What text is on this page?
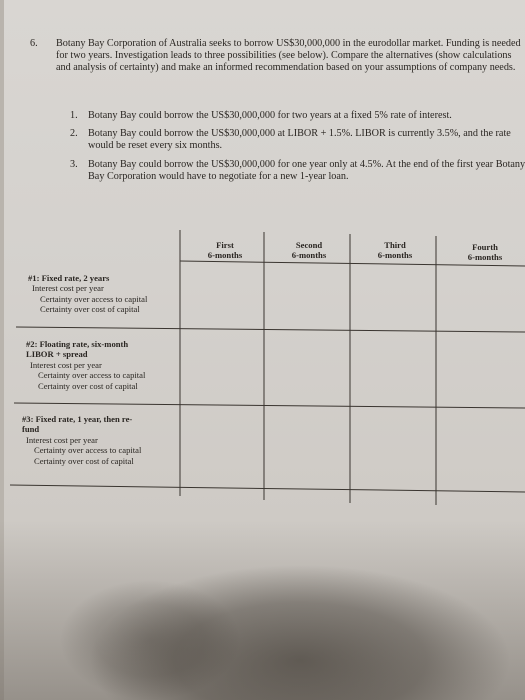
6. Botany Bay Corporation of Australia seeks to borrow US$30,000,000 in the eurodollar market. Funding is needed for two years. Investigation leads to three possibilities (see below). Compare the alternatives (show calculations and analysis of certainty) and make an informed recommendation based on your assumptions of company needs.

1. Botany Bay could borrow the US$30,000,000 for two years at a fixed 5% rate of interest.

2. Botany Bay could borrow the US$30,000,000 at LIBOR + 1.5%. LIBOR is currently 3.5%, and the rate would be reset every six months.

3. Botany Bay could borrow the US$30,000,000 for one year only at 4.5%. At the end of the first year Botany Bay Corporation would have to negotiate for a new 1-year loan.

First
6-months
Second
6-months
Third
6-months
Fourth
6-months

#1: Fixed rate, 2 years

Interest cost per year

Certainty over access to capital

Certainty over cost of capital

#2: Floating rate, six-month

LIBOR + spread

Interest cost per year

Certainty over access to capital

Certainty over cost of capital

#3: Fixed rate, 1 year, then re-

fund

Interest cost per year

Certainty over access to capital

Certainty over cost of capital
